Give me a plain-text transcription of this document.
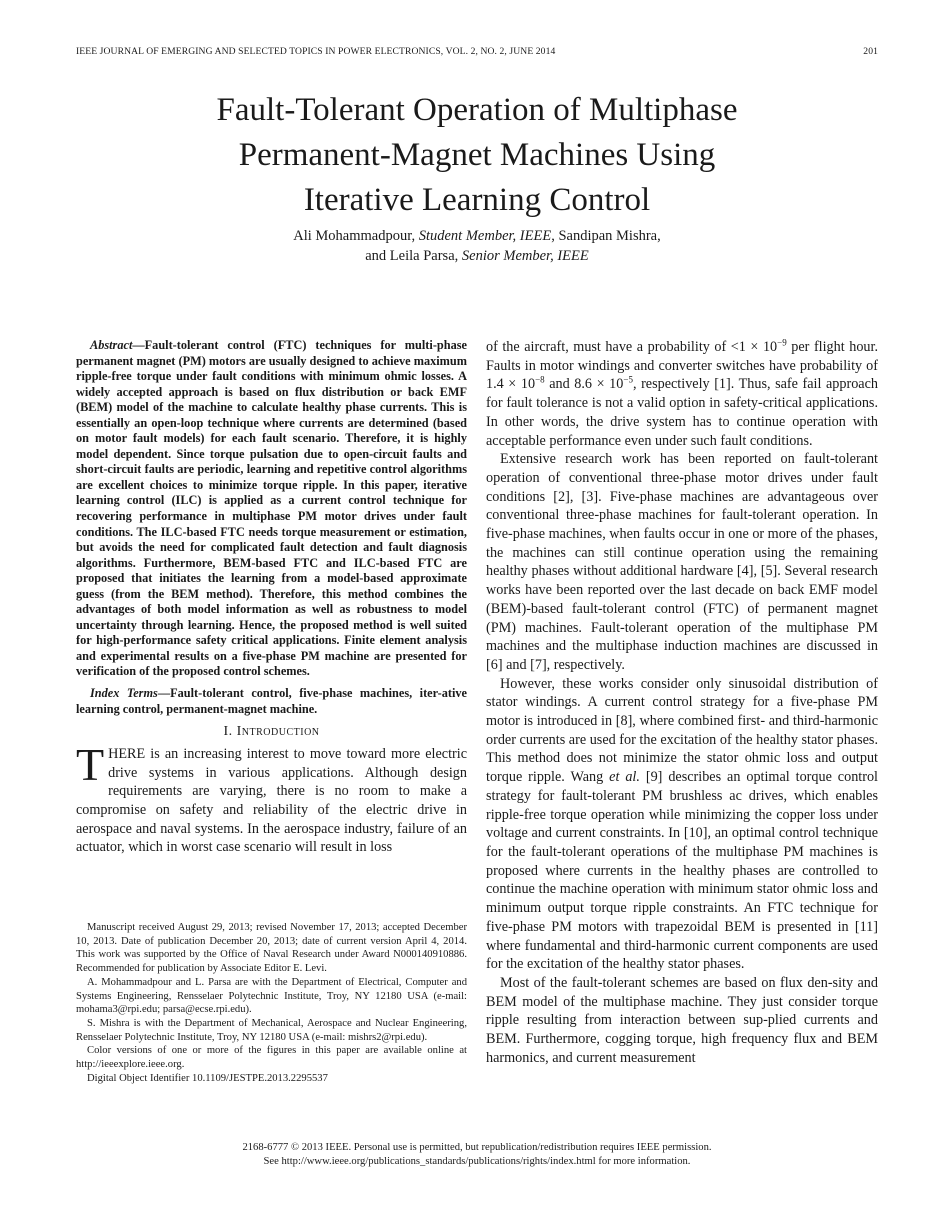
IEEE JOURNAL OF EMERGING AND SELECTED TOPICS IN POWER ELECTRONICS, VOL. 2, NO. 2, JUNE 2014	201
Fault-Tolerant Operation of Multiphase
Permanent-Magnet Machines Using
Iterative Learning Control
Ali Mohammadpour, Student Member, IEEE, Sandipan Mishra,
and Leila Parsa, Senior Member, IEEE

Abstract—Fault-tolerant control (FTC) techniques for multi-phase permanent magnet (PM) motors are usually designed to achieve maximum ripple-free torque under fault conditions with minimum ohmic losses. A widely accepted approach is based on flux distribution or back EMF (BEM) model of the machine to calculate healthy phase currents. This is essentially an open-loop technique where currents are determined (based on motor fault models) for each fault scenario. Therefore, it is highly model dependent. Since torque pulsation due to open-circuit faults and short-circuit faults are periodic, learning and repetitive control algorithms are excellent choices to minimize torque ripple. In this paper, iterative learning control (ILC) is applied as a current control technique for recovering performance in multiphase PM motor drives under fault conditions. The ILC-based FTC needs torque measurement or estimation, but avoids the need for complicated fault detection and fault diagnosis algorithms. Furthermore, BEM-based FTC and ILC-based FTC are proposed that initiates the learning from a model-based approximate guess (from the BEM method). Therefore, this method combines the advantages of both model information as well as robustness to model uncertainty through learning. Hence, the proposed method is well suited for high-performance safety critical applications. Finite element analysis and experimental results on a five-phase PM machine are presented for verification of the proposed control schemes.

Index Terms—Fault-tolerant control, five-phase machines, iter-ative learning control, permanent-magnet machine.

I. Introduction

THERE is an increasing interest to move toward more electric drive systems in various applications. Although design requirements are varying, there is no room to make a compromise on safety and reliability of the electric drive in aerospace and naval systems. In the aerospace industry, failure of an actuator, which in worst case scenario will result in loss

Manuscript received August 29, 2013; revised November 17, 2013; accepted December 10, 2013. Date of publication December 20, 2013; date of current version April 4, 2014. This work was supported by the Office of Naval Research under Award N000140910886. Recommended for publication by Associate Editor E. Levi.

A. Mohammadpour and L. Parsa are with the Department of Electrical, Computer and Systems Engineering, Rensselaer Polytechnic Institute, Troy, NY 12180 USA (e-mail: mohama3@rpi.edu; parsa@ecse.rpi.edu).

S. Mishra is with the Department of Mechanical, Aerospace and Nuclear Engineering, Rensselaer Polytechnic Institute, Troy, NY 12180 USA (e-mail: mishrs2@rpi.edu).

Color versions of one or more of the figures in this paper are available online at http://ieeexplore.ieee.org.

Digital Object Identifier 10.1109/JESTPE.2013.2295537

of the aircraft, must have a probability of $<1 \times 10^{-9}$ per flight hour. Faults in motor windings and converter switches have probability of $1.4 \times 10^{-8}$ and $8.6 \times 10^{-5}$, respectively [1]. Thus, safe fail approach for fault tolerance is not a valid option in safety-critical applications. In other words, the drive system has to continue operation with acceptable performance even under such fault conditions.

Extensive research work has been reported on fault-tolerant operation of conventional three-phase motor drives under fault conditions [2], [3]. Five-phase machines are advantageous over conventional three-phase machines for fault-tolerant operation. In five-phase machines, when faults occur in one or more of the phases, the machines can still continue operation using the remaining healthy phases without additional hardware [4], [5]. Several research works have been reported over the last decade on back EMF model (BEM)-based fault-tolerant control (FTC) of permanent magnet (PM) machines. Fault-tolerant operation of the multiphase PM machines and the multiphase induction machines are discussed in [6] and [7], respectively.

However, these works consider only sinusoidal distribution of stator windings. A current control strategy for a five-phase PM motor is introduced in [8], where combined first- and third-harmonic order currents are used for the excitation of the healthy stator phases. This method does not minimize the stator ohmic loss and output torque ripple. Wang et al. [9] describes an optimal torque control strategy for fault-tolerant PM brushless ac drives, which enables ripple-free torque operation while minimizing the copper loss under voltage and current constraints. In [10], an optimal control technique for the fault-tolerant operations of the multiphase PM machines is proposed where currents in the healthy phases are controlled to continue the machine operation with minimum stator ohmic loss and minimum output torque ripple constraints. An FTC technique for five-phase PM motors with trapezoidal BEM is presented in [11] where fundamental and third-harmonic current components are used for the excitation of the healthy stator phases.

Most of the fault-tolerant schemes are based on flux den-sity and BEM model of the multiphase machine. They just consider torque ripple resulting from interaction between sup-plied currents and BEM. Furthermore, cogging torque, high frequency flux and BEM harmonics, and current measurement

2168-6777 © 2013 IEEE. Personal use is permitted, but republication/redistribution requires IEEE permission.
See http://www.ieee.org/publications_standards/publications/rights/index.html for more information.
